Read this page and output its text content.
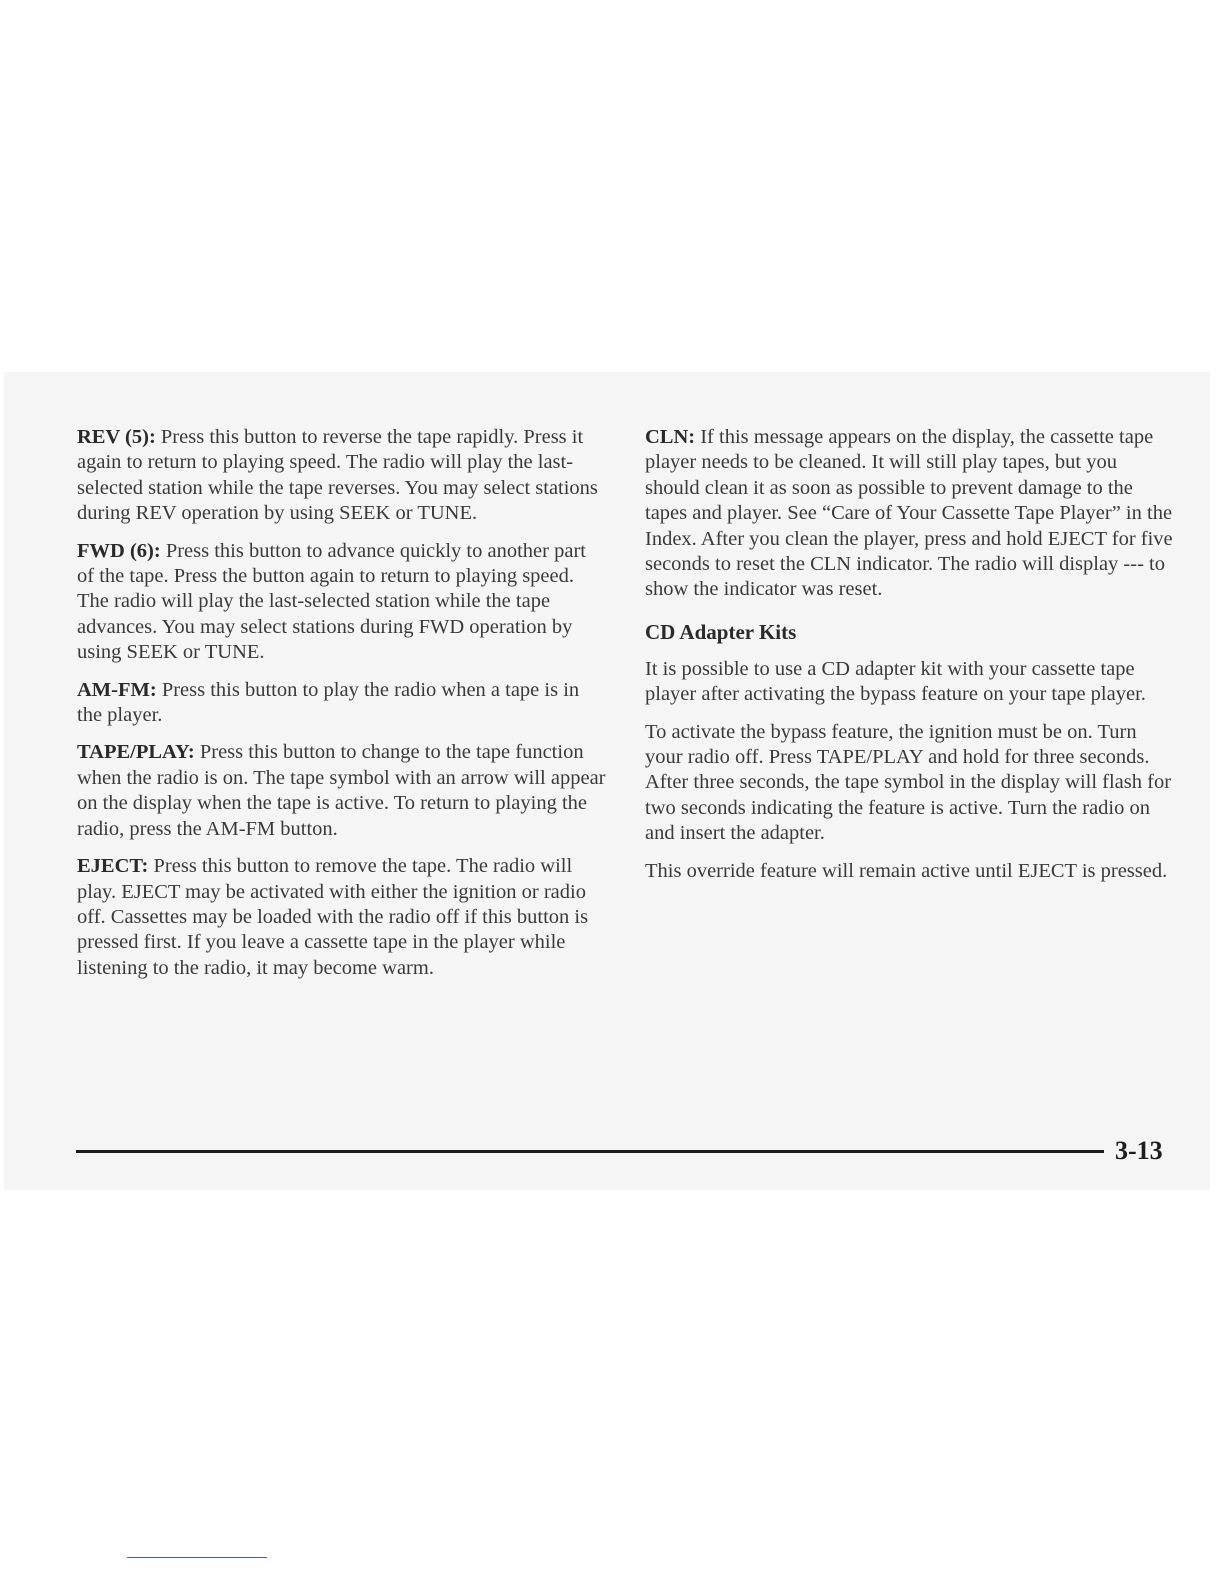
REV (5): Press this button to reverse the tape rapidly. Press it again to return to playing speed. The radio will play the last-selected station while the tape reverses. You may select stations during REV operation by using SEEK or TUNE.

FWD (6): Press this button to advance quickly to another part of the tape. Press the button again to return to playing speed. The radio will play the last-selected station while the tape advances. You may select stations during FWD operation by using SEEK or TUNE.

AM-FM: Press this button to play the radio when a tape is in the player.

TAPE/PLAY: Press this button to change to the tape function when the radio is on. The tape symbol with an arrow will appear on the display when the tape is active. To return to playing the radio, press the AM-FM button.

EJECT: Press this button to remove the tape. The radio will play. EJECT may be activated with either the ignition or radio off. Cassettes may be loaded with the radio off if this button is pressed first. If you leave a cassette tape in the player while listening to the radio, it may become warm.

CLN: If this message appears on the display, the cassette tape player needs to be cleaned. It will still play tapes, but you should clean it as soon as possible to prevent damage to the tapes and player. See “Care of Your Cassette Tape Player” in the Index. After you clean the player, press and hold EJECT for five seconds to reset the CLN indicator. The radio will display --- to show the indicator was reset.

CD Adapter Kits

It is possible to use a CD adapter kit with your cassette tape player after activating the bypass feature on your tape player.

To activate the bypass feature, the ignition must be on. Turn your radio off. Press TAPE/PLAY and hold for three seconds. After three seconds, the tape symbol in the display will flash for two seconds indicating the feature is active. Turn the radio on and insert the adapter.

This override feature will remain active until EJECT is pressed.

3-13
